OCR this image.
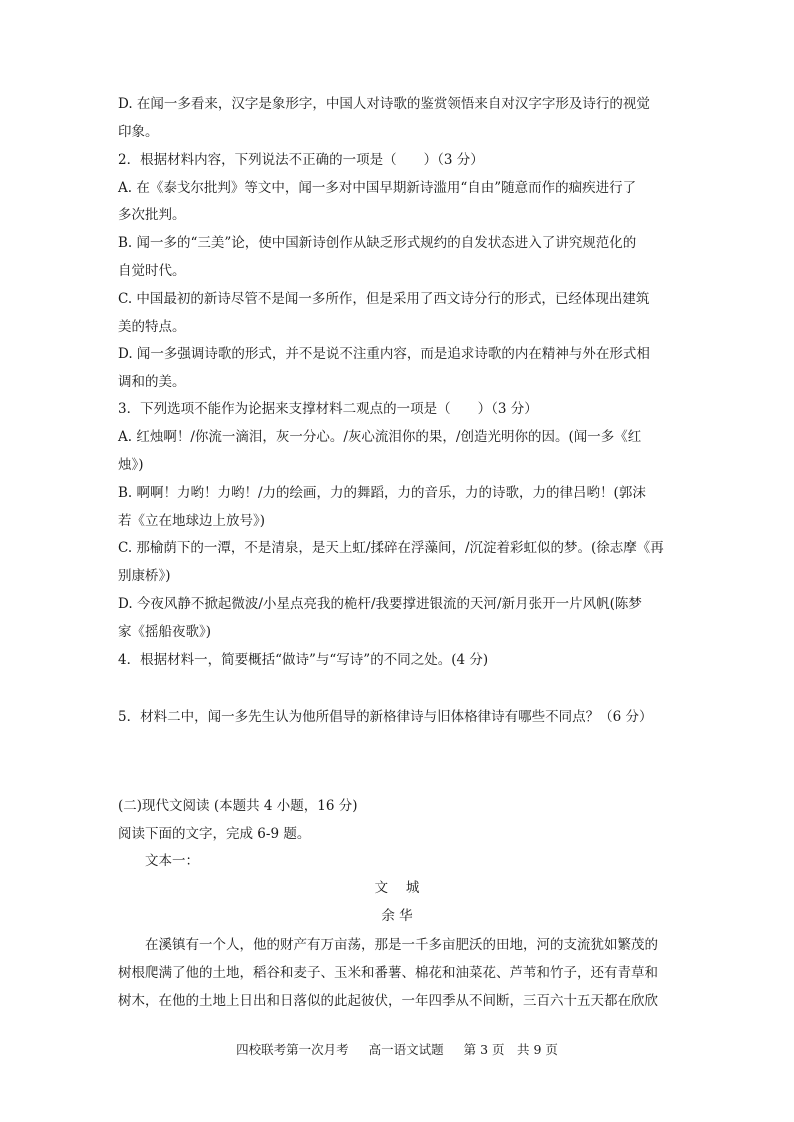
D. 在闻一多看来，汉字是象形字，中国人对诗歌的鉴赏领悟来自对汉字字形及诗行的视觉
印象。
2．根据材料内容，下列说法不正确的一项是（　　）（3 分）
A. 在《泰戈尔批判》等文中，闻一多对中国早期新诗滥用“自由”随意而作的痼疾进行了
多次批判。
B. 闻一多的“三美”论，使中国新诗创作从缺乏形式规约的自发状态进入了讲究规范化的
自觉时代。
C. 中国最初的新诗尽管不是闻一多所作，但是采用了西文诗分行的形式，已经体现出建筑
美的特点。
D. 闻一多强调诗歌的形式，并不是说不注重内容，而是追求诗歌的内在精神与外在形式相
调和的美。
3．下列选项不能作为论据来支撑材料二观点的一项是（　　）（3 分）
A. 红烛啊！/你流一滴泪，灰一分心。/灰心流泪你的果，/创造光明你的因。(闻一多《红
烛》)
B. 啊啊！力哟！力哟！/力的绘画，力的舞蹈，力的音乐，力的诗歌，力的律吕哟！(郭沫
若《立在地球边上放号》)
C. 那榆荫下的一潭，不是清泉，是天上虹/揉碎在浮藻间，/沉淀着彩虹似的梦。(徐志摩《再
别康桥》)
D. 今夜风静不掀起微波/小星点亮我的桅杆/我要撑进银流的天河/新月张开一片风帆(陈梦
家《摇船夜歌》)
4．根据材料一，简要概括“做诗”与“写诗”的不同之处。(4 分)
5．材料二中，闻一多先生认为他所倡导的新格律诗与旧体格律诗有哪些不同点？（6 分）
(二)现代文阅读 (本题共 4 小题，16 分)
阅读下面的文字，完成 6-9 题。
　　文本一：
文　 城
余 华
　　在溪镇有一个人，他的财产有万亩荡，那是一千多亩肥沃的田地，河的支流犹如繁茂的
树根爬满了他的土地，稻谷和麦子、玉米和番薯、棉花和油菜花、芦苇和竹子，还有青草和
树木，在他的土地上日出和日落似的此起彼伏，一年四季从不间断，三百六十五天都在欣欣
四校联考第一次月考 高一语文试题 第 3 页　共 9 页
